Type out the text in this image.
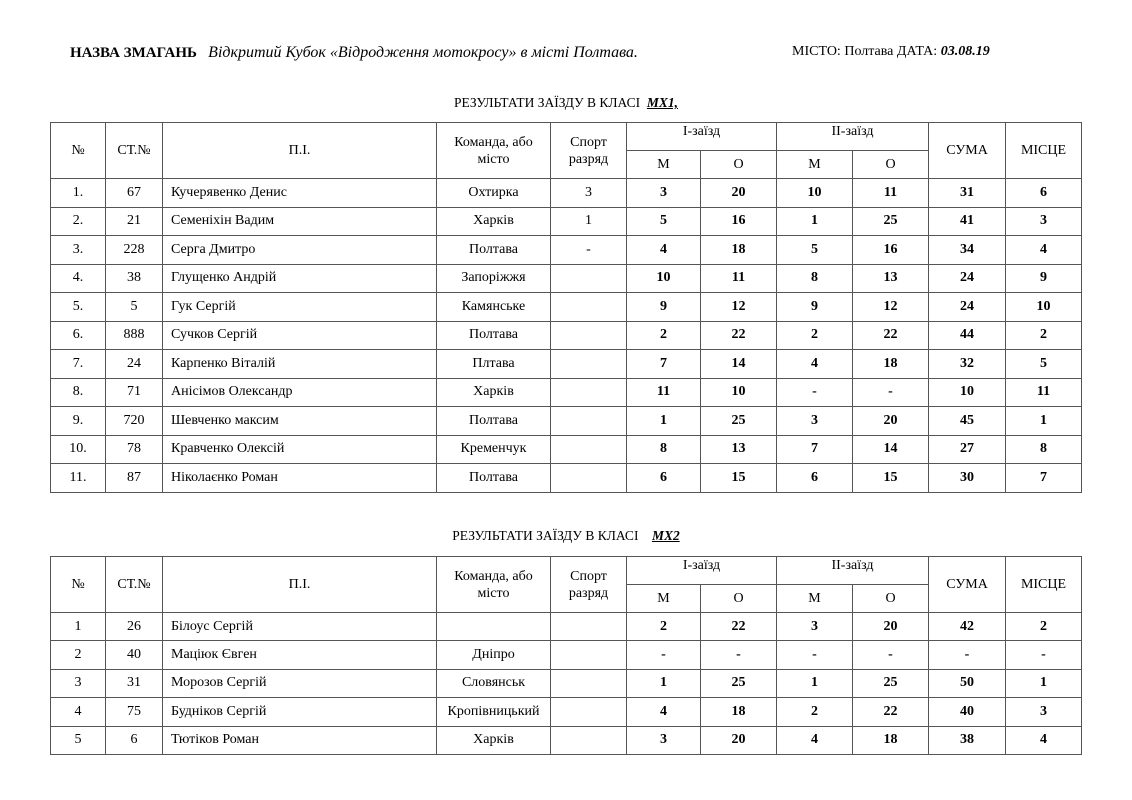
НАЗВА ЗМАГАНЬ Відкритий Кубок «Відродження мотокросу» в місті Полтава.	МІСТО: Полтава ДАТА: 03.08.19
РЕЗУЛЬТАТИ ЗАЇЗДУ В КЛАСІ MX1,
№	СТ.№	П.І.	Команда, або місто	Спорт разряд	І-заїзд		ІІ-заїзд		СУМА	МІСЦЕ
					М	О	М	О		
1.	67	Кучерявенко Денис	Охтирка	3	3	20	10	11	31	6
2.	21	Семеніхін Вадим	Харків	1	5	16	1	25	41	3
3.	228	Серга Дмитро	Полтава	-	4	18	5	16	34	4
4.	38	Глущенко Андрій	Запоріжжя		10	11	8	13	24	9
5.	5	Гук Сергій	Камянське		9	12	9	12	24	10
6.	888	Сучков Сергій	Полтава		2	22	2	22	44	2
7.	24	Карпенко Віталій	Плтава		7	14	4	18	32	5
8.	71	Анісімов Олександр	Харків		11	10	-	-	10	11
9.	720	Шевченко максим	Полтава		1	25	3	20	45	1
10.	78	Кравченко Олексій	Кременчук		8	13	7	14	27	8
11.	87	Ніколаєнко Роман	Полтава		6	15	6	15	30	7
РЕЗУЛЬТАТИ ЗАЇЗДУ В КЛАСІ MX2
№	СТ.№	П.І.	Команда, або місто	Спорт разряд	І-заїзд		ІІ-заїзд		СУМА	МІСЦЕ
					М	О	М	О		
1	26	Білоус Сергій			2	22	3	20	42	2
2	40	Маціюк Євген	Дніпро		-	-	-	-	-	-
3	31	Морозов Сергій	Словянськ		1	25	1	25	50	1
4	75	Будніков Сергій	Кропівницький		4	18	2	22	40	3
5	6	Тютіков Роман	Харків		3	20	4	18	38	4
